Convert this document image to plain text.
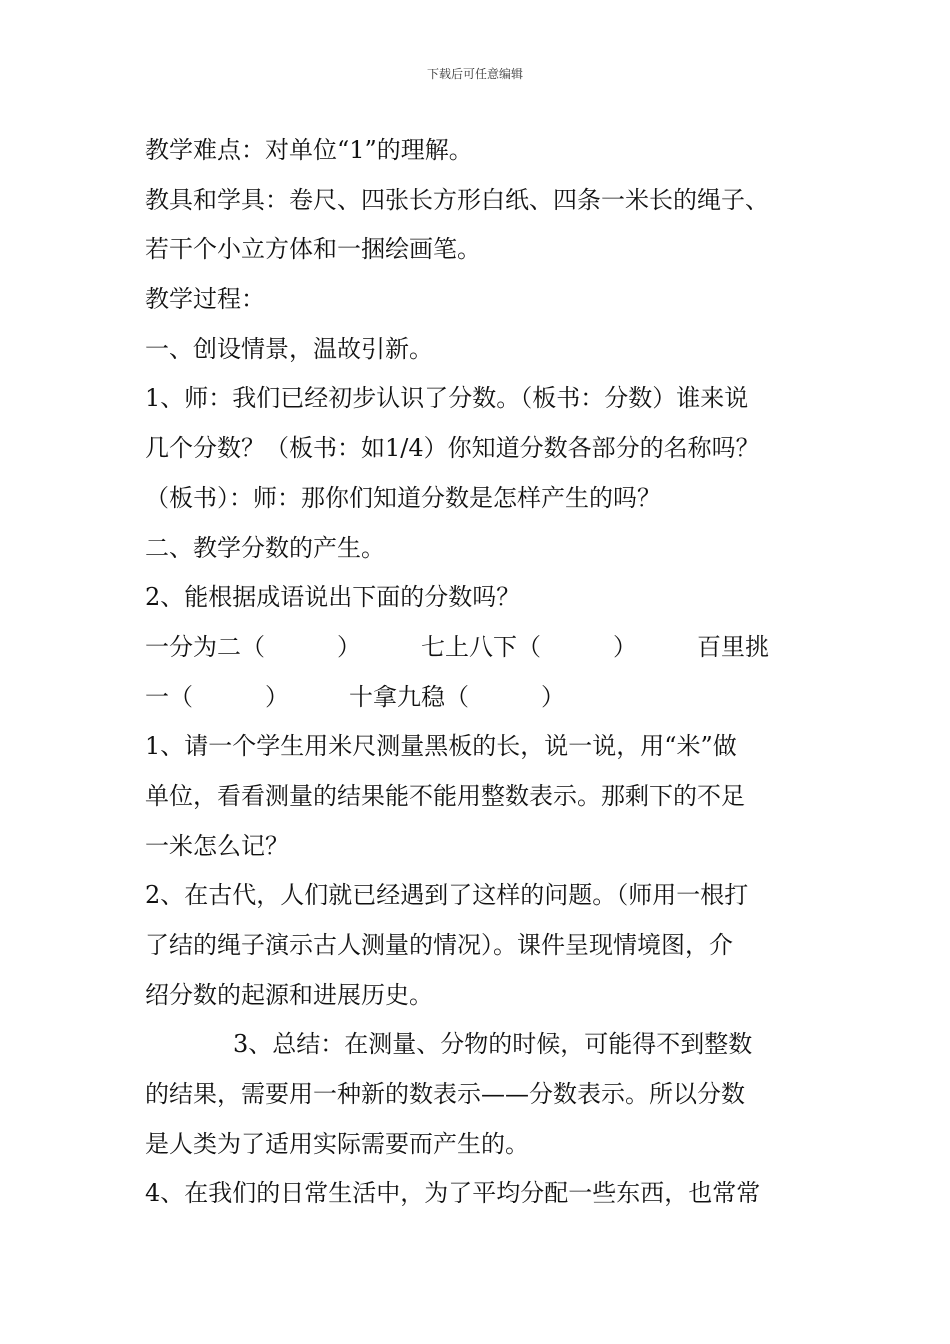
下载后可任意编辑
教学难点：对单位“1”的理解。
教具和学具：卷尺、四张长方形白纸、四条一米长的绳子、
若干个小立方体和一捆绘画笔。
教学过程：
一、创设情景，温故引新。
1、师：我们已经初步认识了分数。（板书：分数）谁来说
几个分数？（板书：如1/4）你知道分数各部分的名称吗？
（板书）：师：那你们知道分数是怎样产生的吗？
二、教学分数的产生。
2、能根据成语说出下面的分数吗？
一分为二（　　　）　　　七上八下（　　　）　　　百里挑
一（　　　）　　　十拿九稳（　　　）
1、请一个学生用米尺测量黑板的长，说一说，用“米”做
单位，看看测量的结果能不能用整数表示。那剩下的不足
一米怎么记？
2、在古代，人们就已经遇到了这样的问题。（师用一根打
了结的绳子演示古人测量的情况）。课件呈现情境图，介
绍分数的起源和进展历史。
3、总结：在测量、分物的时候，可能得不到整数
的结果，需要用一种新的数表示——分数表示。所以分数
是人类为了适用实际需要而产生的。
4、在我们的日常生活中，为了平均分配一些东西，也常常
